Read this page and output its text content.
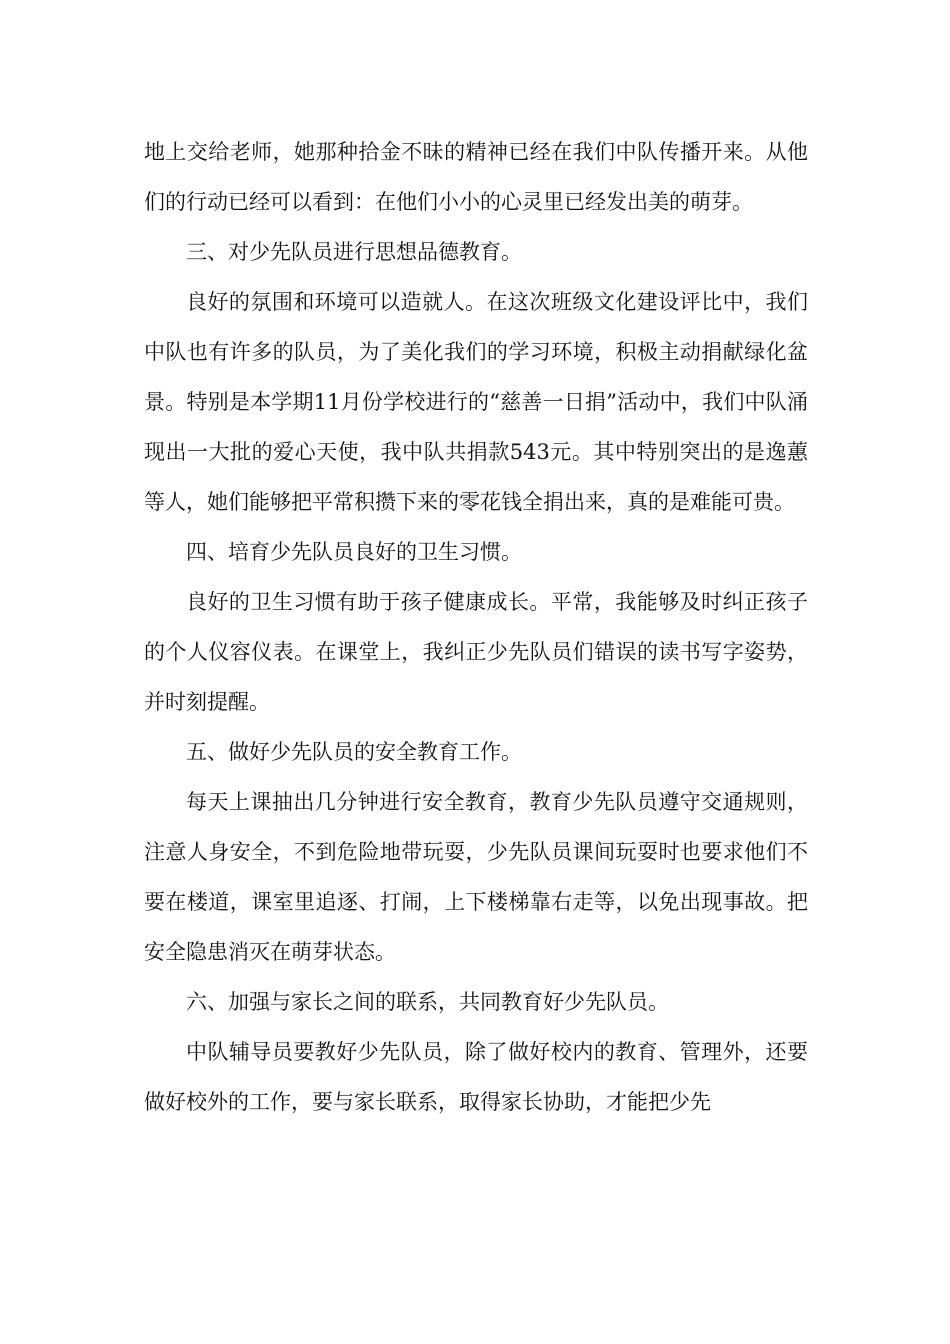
地上交给老师，她那种拾金不昧的精神已经在我们中队传播开来。从他们的行动已经可以看到：在他们小小的心灵里已经发出美的萌芽。

三、对少先队员进行思想品德教育。

良好的氛围和环境可以造就人。在这次班级文化建设评比中，我们中队也有许多的队员，为了美化我们的学习环境，积极主动捐献绿化盆景。特别是本学期11月份学校进行的“慈善一日捐”活动中，我们中队涌现出一大批的爱心天使，我中队共捐款543元。其中特别突出的是逸蕙等人，她们能够把平常积攒下来的零花钱全捐出来，真的是难能可贵。

四、培育少先队员良好的卫生习惯。

良好的卫生习惯有助于孩子健康成长。平常，我能够及时纠正孩子的个人仪容仪表。在课堂上，我纠正少先队员们错误的读书写字姿势，并时刻提醒。

五、做好少先队员的安全教育工作。

每天上课抽出几分钟进行安全教育，教育少先队员遵守交通规则，注意人身安全，不到危险地带玩耍，少先队员课间玩耍时也要求他们不要在楼道，课室里追逐、打闹，上下楼梯靠右走等，以免出现事故。把安全隐患消灭在萌芽状态。

六、加强与家长之间的联系，共同教育好少先队员。

中队辅导员要教好少先队员，除了做好校内的教育、管理外，还要做好校外的工作，要与家长联系，取得家长协助，才能把少先
